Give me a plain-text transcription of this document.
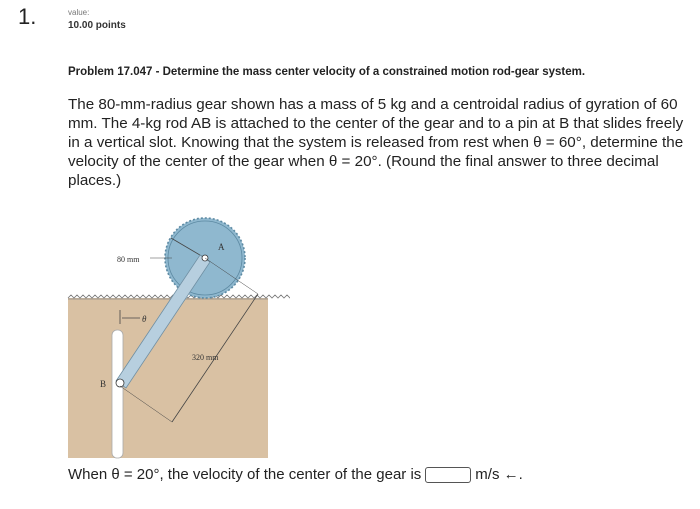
1.	value:
10.00 points
Problem 17.047 - Determine the mass center velocity of a constrained motion rod-gear system.
The 80-mm-radius gear shown has a mass of 5 kg and a centroidal radius of gyration of 60 mm. The 4-kg rod AB is attached to the center of the gear and to a pin at B that slides freely in a vertical slot. Knowing that the system is released from rest when θ = 60°, determine the velocity of the center of the gear when θ = 20°. (Round the final answer to three decimal places.)
θ
80 mm
A
B
320 mm
When θ = 20°, the velocity of the center of the gear is	m/s ←.
